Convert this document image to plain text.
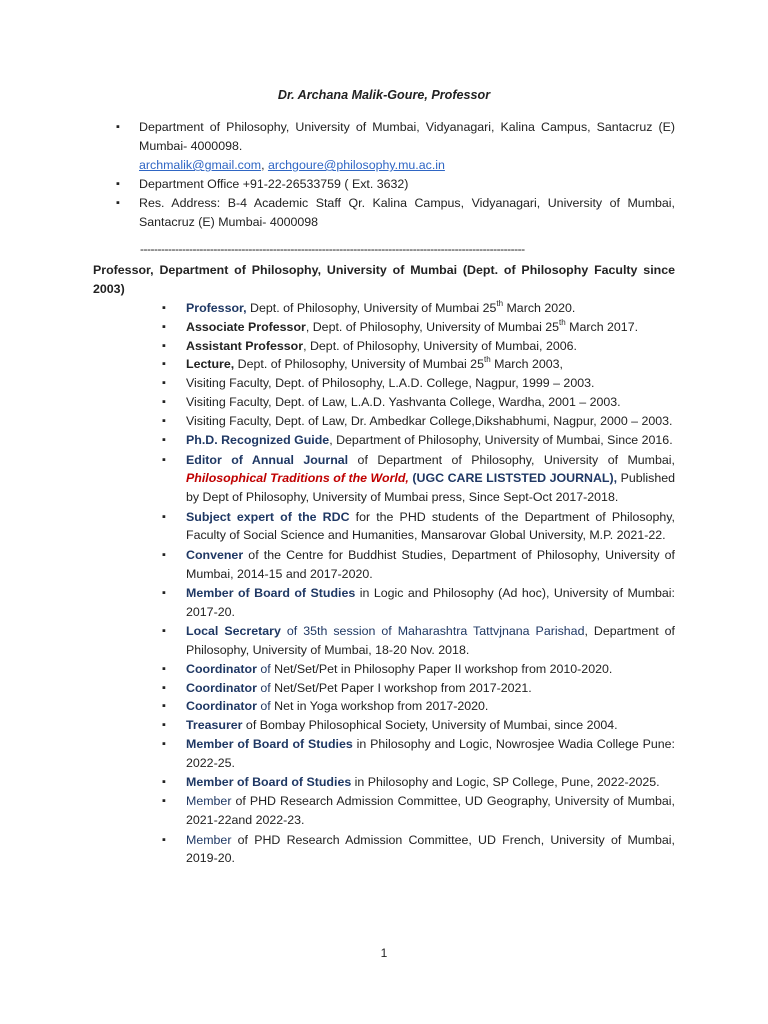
Dr. Archana Malik-Goure, Professor
▪ Department of Philosophy, University of Mumbai, Vidyanagari, Kalina Campus, Santacruz (E) Mumbai- 4000098.
archmalik@gmail.com, archgoure@philosophy.mu.ac.in
▪ Department Office +91-22-26533759 ( Ext. 3632)
▪ Res. Address: B-4 Academic Staff Qr. Kalina Campus, Vidyanagari, University of Mumbai, Santacruz (E) Mumbai- 4000098
--------------------------------------------------------------------------------------------------------------
Professor, Department of Philosophy, University of Mumbai (Dept. of Philosophy Faculty since 2003)
▪ Professor, Dept. of Philosophy, University of Mumbai 25th March 2020.
▪ Associate Professor, Dept. of Philosophy, University of Mumbai 25th March 2017.
▪ Assistant Professor, Dept. of Philosophy, University of Mumbai, 2006.
▪ Lecture, Dept. of Philosophy, University of Mumbai 25th March 2003,
▪ Visiting Faculty, Dept. of Philosophy, L.A.D. College, Nagpur, 1999 – 2003.
▪ Visiting Faculty, Dept. of Law, L.A.D. Yashvanta College, Wardha, 2001 – 2003.
▪ Visiting Faculty, Dept. of Law, Dr. Ambedkar College,Dikshabhumi, Nagpur, 2000 – 2003.
▪ Ph.D. Recognized Guide, Department of Philosophy, University of Mumbai, Since 2016.
▪ Editor of Annual Journal of Department of Philosophy, University of Mumbai, Philosophical Traditions of the World, (UGC CARE LISTSTED JOURNAL), Published by Dept of Philosophy, University of Mumbai press, Since Sept-Oct 2017-2018.
▪ Subject expert of the RDC for the PHD students of the Department of Philosophy, Faculty of Social Science and Humanities, Mansarovar Global University, M.P. 2021-22.
▪ Convener of the Centre for Buddhist Studies, Department of Philosophy, University of Mumbai, 2014-15 and 2017-2020.
▪ Member of Board of Studies in Logic and Philosophy (Ad hoc), University of Mumbai: 2017-20.
▪ Local Secretary of 35th session of Maharashtra Tattvjnana Parishad, Department of Philosophy, University of Mumbai, 18-20 Nov. 2018.
▪ Coordinator of Net/Set/Pet in Philosophy Paper II workshop from 2010-2020.
▪ Coordinator of Net/Set/Pet Paper I workshop from 2017-2021.
▪ Coordinator of Net in Yoga workshop from 2017-2020.
▪ Treasurer of Bombay Philosophical Society, University of Mumbai, since 2004.
▪ Member of Board of Studies in Philosophy and Logic, Nowrosjee Wadia College Pune: 2022-25.
▪ Member of Board of Studies in Philosophy and Logic, SP College, Pune, 2022-2025.
▪ Member of PHD Research Admission Committee, UD Geography, University of Mumbai, 2021-22and 2022-23.
▪ Member of PHD Research Admission Committee, UD French, University of Mumbai, 2019-20.
1
